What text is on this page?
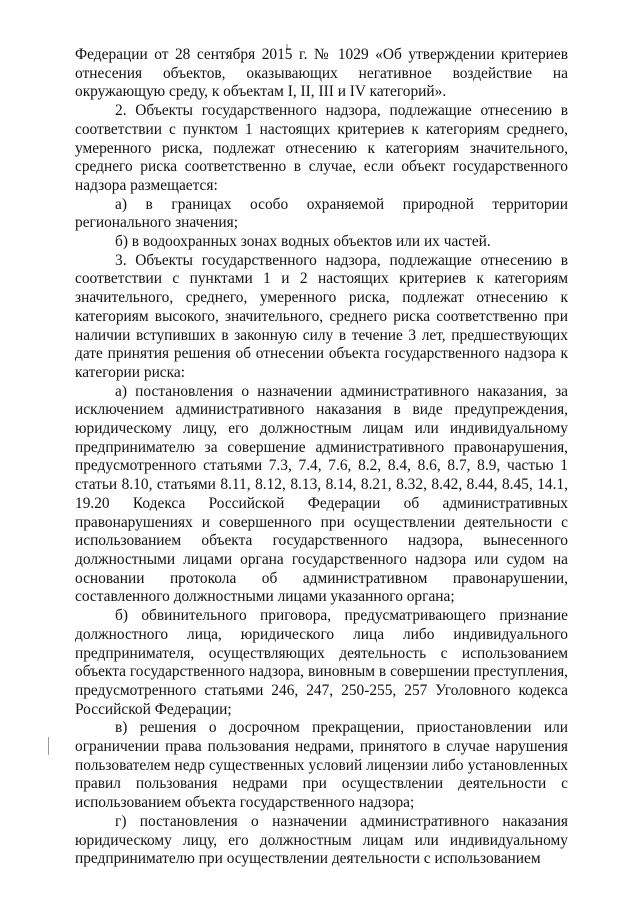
Федерации от 28 сентября 2015 г. № 1029 «Об утверждении критериев отнесения объектов, оказывающих негативное воздействие на окружающую среду, к объектам I, II, III и IV категорий».

2. Объекты государственного надзора, подлежащие отнесению в соответствии с пунктом 1 настоящих критериев к категориям среднего, умеренного риска, подлежат отнесению к категориям значительного, среднего риска соответственно в случае, если объект государственного надзора размещается:

а) в границах особо охраняемой природной территории регионального значения;

б) в водоохранных зонах водных объектов или их частей.

3. Объекты государственного надзора, подлежащие отнесению в соответствии с пунктами 1 и 2 настоящих критериев к категориям значительного, среднего, умеренного риска, подлежат отнесению к категориям высокого, значительного, среднего риска соответственно при наличии вступивших в законную силу в течение 3 лет, предшествующих дате принятия решения об отнесении объекта государственного надзора к категории риска:

а) постановления о назначении административного наказания, за исключением административного наказания в виде предупреждения, юридическому лицу, его должностным лицам или индивидуальному предпринимателю за совершение административного правонарушения, предусмотренного статьями 7.3, 7.4, 7.6, 8.2, 8.4, 8.6, 8.7, 8.9, частью 1 статьи 8.10, статьями 8.11, 8.12, 8.13, 8.14, 8.21, 8.32, 8.42, 8.44, 8.45, 14.1, 19.20 Кодекса Российской Федерации об административных правонарушениях и совершенного при осуществлении деятельности с использованием объекта государственного надзора, вынесенного должностными лицами органа государственного надзора или судом на основании протокола об административном правонарушении, составленного должностными лицами указанного органа;

б) обвинительного приговора, предусматривающего признание должностного лица, юридического лица либо индивидуального предпринимателя, осуществляющих деятельность с использованием объекта государственного надзора, виновным в совершении преступления, предусмотренного статьями 246, 247, 250-255, 257 Уголовного кодекса Российской Федерации;

в) решения о досрочном прекращении, приостановлении или ограничении права пользования недрами, принятого в случае нарушения пользователем недр существенных условий лицензии либо установленных правил пользования недрами при осуществлении деятельности с использованием объекта государственного надзора;

г) постановления о назначении административного наказания юридическому лицу, его должностным лицам или индивидуальному предпринимателю при осуществлении деятельности с использованием
